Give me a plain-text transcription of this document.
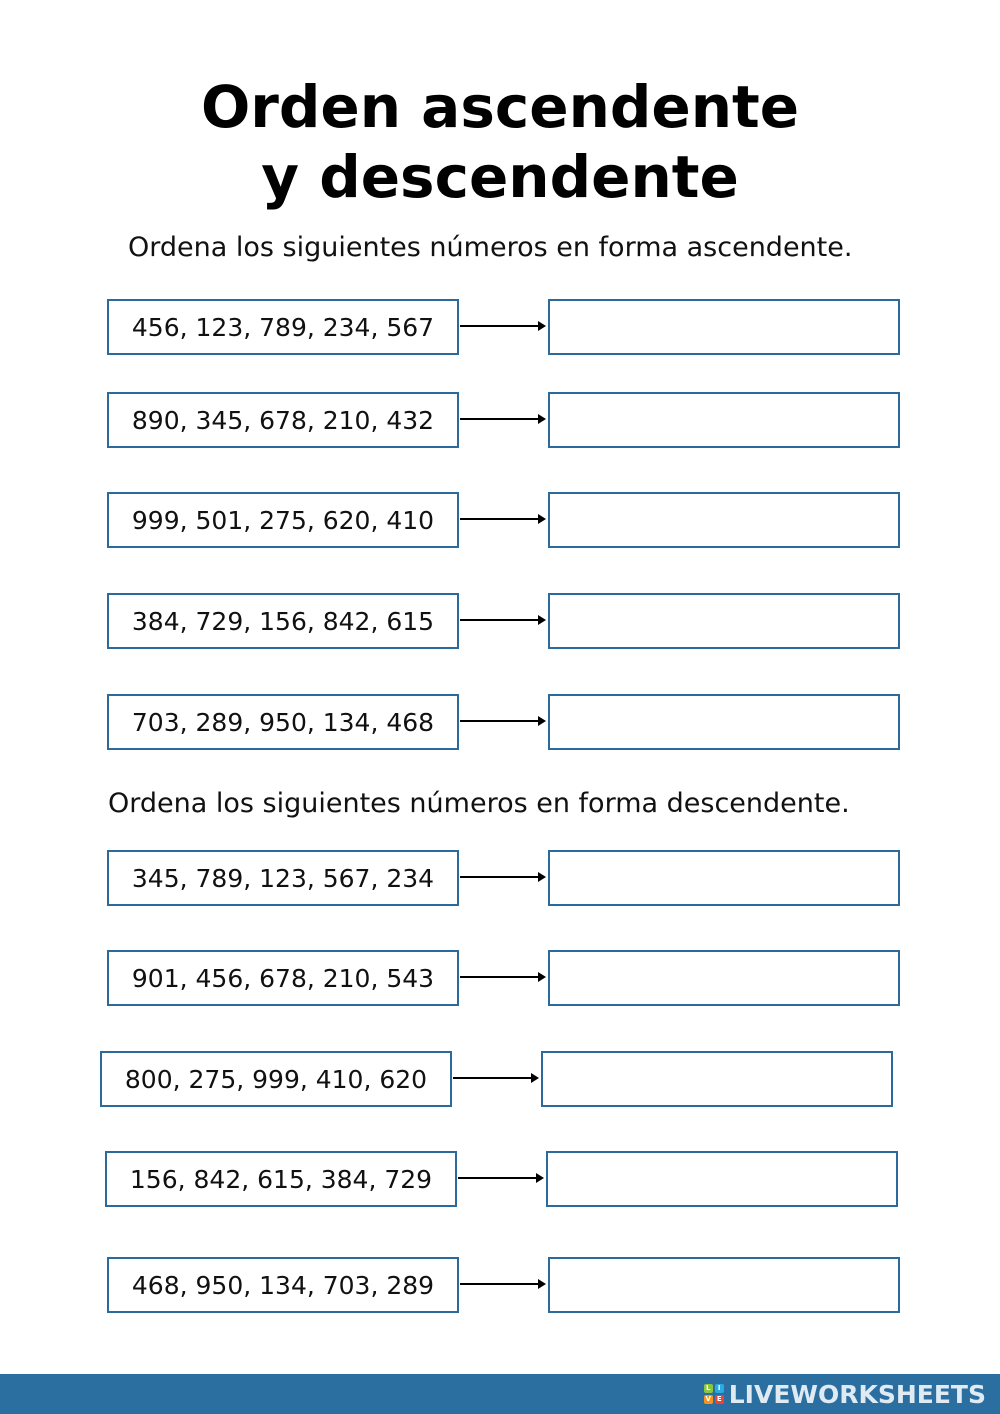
Orden ascendente
y descendente
Ordena los siguientes números en forma ascendente.
456, 123, 789, 234, 567
890, 345, 678, 210, 432
999, 501, 275, 620, 410
384, 729, 156, 842, 615
703, 289, 950, 134, 468
Ordena los siguientes números en forma descendente.
345, 789, 123, 567, 234
901, 456, 678, 210, 543
800, 275, 999, 410, 620
156, 842, 615, 384, 729
468, 950, 134, 703, 289
L	I
V E LIVEWORKSHEETS
